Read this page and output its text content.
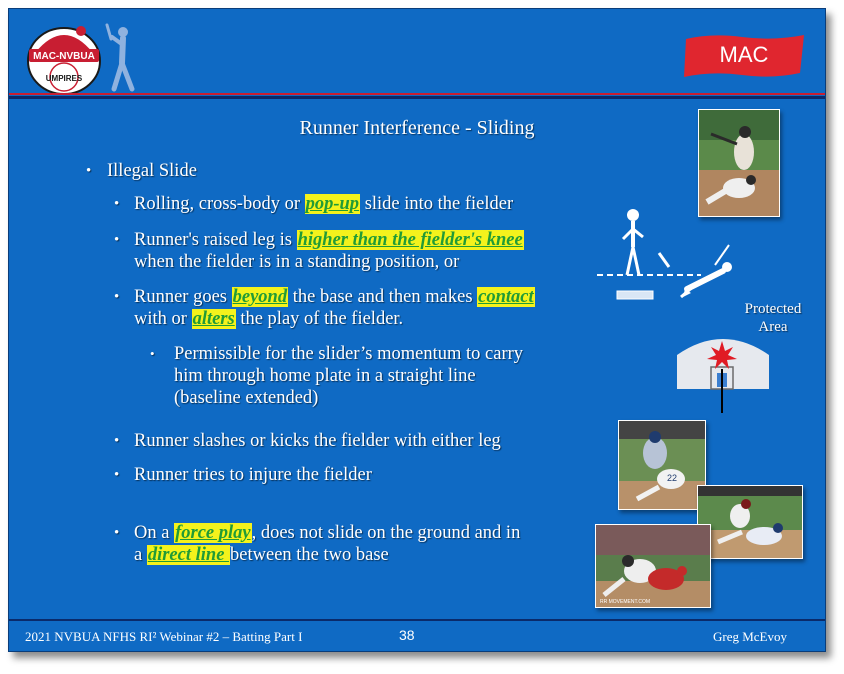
MAC-NVBUA
UMPIRES
MAC
Runner Interference - Sliding
• Illegal Slide
• Rolling, cross-body or pop-up slide into the fielder
• Runner's raised leg is higher than the fielder's knee
when the fielder is in a standing position, or
• Runner goes beyond the base and then makes contact
with or alters the play of the fielder.
• Permissible for the slider’s momentum to carry
him through home plate in a straight line
(baseline extended)
• Runner slashes or kicks the fielder with either leg
• Runner tries to injure the fielder
• On a force play, does not slide on the ground and in
a direct line between the two base
Protected
Area
22
RR MOVEMENT.COM
2021 NVBUA NFHS RI² Webinar #2 – Batting Part I	38	Greg McEvoy
